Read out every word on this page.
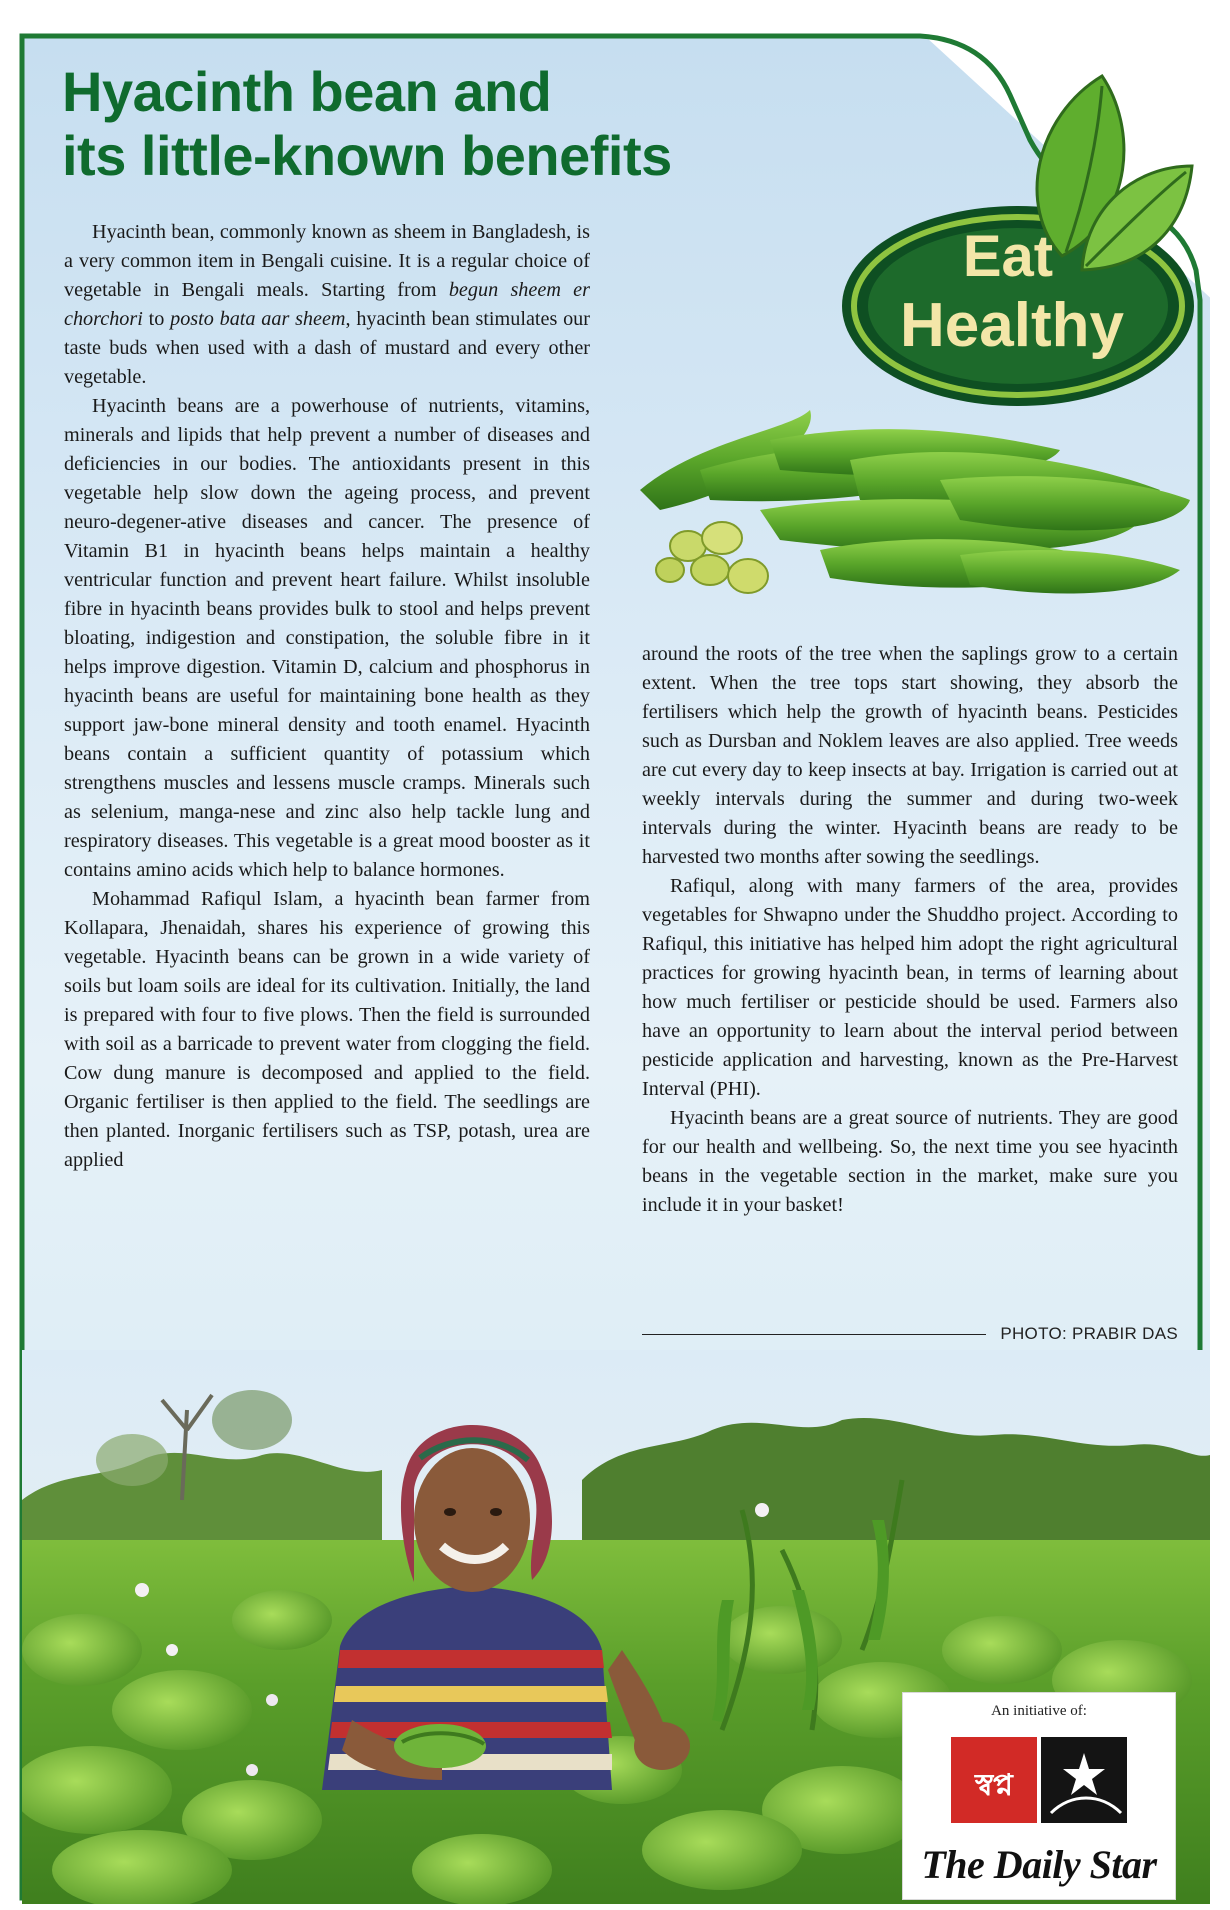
Hyacinth bean and
its little-known benefits
Eat
Healthy

Hyacinth bean, commonly known as sheem in Bangladesh, is a very common item in Bengali cuisine. It is a regular choice of vegetable in Bengali meals. Starting from begun sheem er chorchori to posto bata aar sheem, hyacinth bean stimulates our taste buds when used with a dash of mustard and every other vegetable.

Hyacinth beans are a powerhouse of nutrients, vitamins, minerals and lipids that help prevent a number of diseases and deficiencies in our bodies. The antioxidants present in this vegetable help slow down the ageing process, and prevent neuro-degener-ative diseases and cancer. The presence of Vitamin B1 in hyacinth beans helps maintain a healthy ventricular function and prevent heart failure. Whilst insoluble fibre in hyacinth beans provides bulk to stool and helps prevent bloating, indigestion and constipation, the soluble fibre in it helps improve digestion. Vitamin D, calcium and phosphorus in hyacinth beans are useful for maintaining bone health as they support jaw-bone mineral density and tooth enamel. Hyacinth beans contain a sufficient quantity of potassium which strengthens muscles and lessens muscle cramps. Minerals such as selenium, manga-nese and zinc also help tackle lung and respiratory diseases. This vegetable is a great mood booster as it contains amino acids which help to balance hormones.

Mohammad Rafiqul Islam, a hyacinth bean farmer from Kollapara, Jhenaidah, shares his experience of growing this vegetable. Hyacinth beans can be grown in a wide variety of soils but loam soils are ideal for its cultivation. Initially, the land is prepared with four to five plows. Then the field is surrounded with soil as a barricade to prevent water from clogging the field. Cow dung manure is decomposed and applied to the field. Organic fertiliser is then applied to the field. The seedlings are then planted. Inorganic fertilisers such as TSP, potash, urea are applied

around the roots of the tree when the saplings grow to a certain extent. When the tree tops start showing, they absorb the fertilisers which help the growth of hyacinth beans. Pesticides such as Dursban and Noklem leaves are also applied. Tree weeds are cut every day to keep insects at bay. Irrigation is carried out at weekly intervals during the summer and during two-week intervals during the winter. Hyacinth beans are ready to be harvested two months after sowing the seedlings.

Rafiqul, along with many farmers of the area, provides vegetables for Shwapno under the Shuddho project. According to Rafiqul, this initiative has helped him adopt the right agricultural practices for growing hyacinth bean, in terms of learning about how much fertiliser or pesticide should be used. Farmers also have an opportunity to learn about the interval period between pesticide application and harvesting, known as the Pre-Harvest Interval (PHI).

Hyacinth beans are a great source of nutrients. They are good for our health and wellbeing. So, the next time you see hyacinth beans in the vegetable section in the market, make sure you include it in your basket!

PHOTO: PRABIR DAS
An initiative of:
স্বপ্ন
The Daily Star
